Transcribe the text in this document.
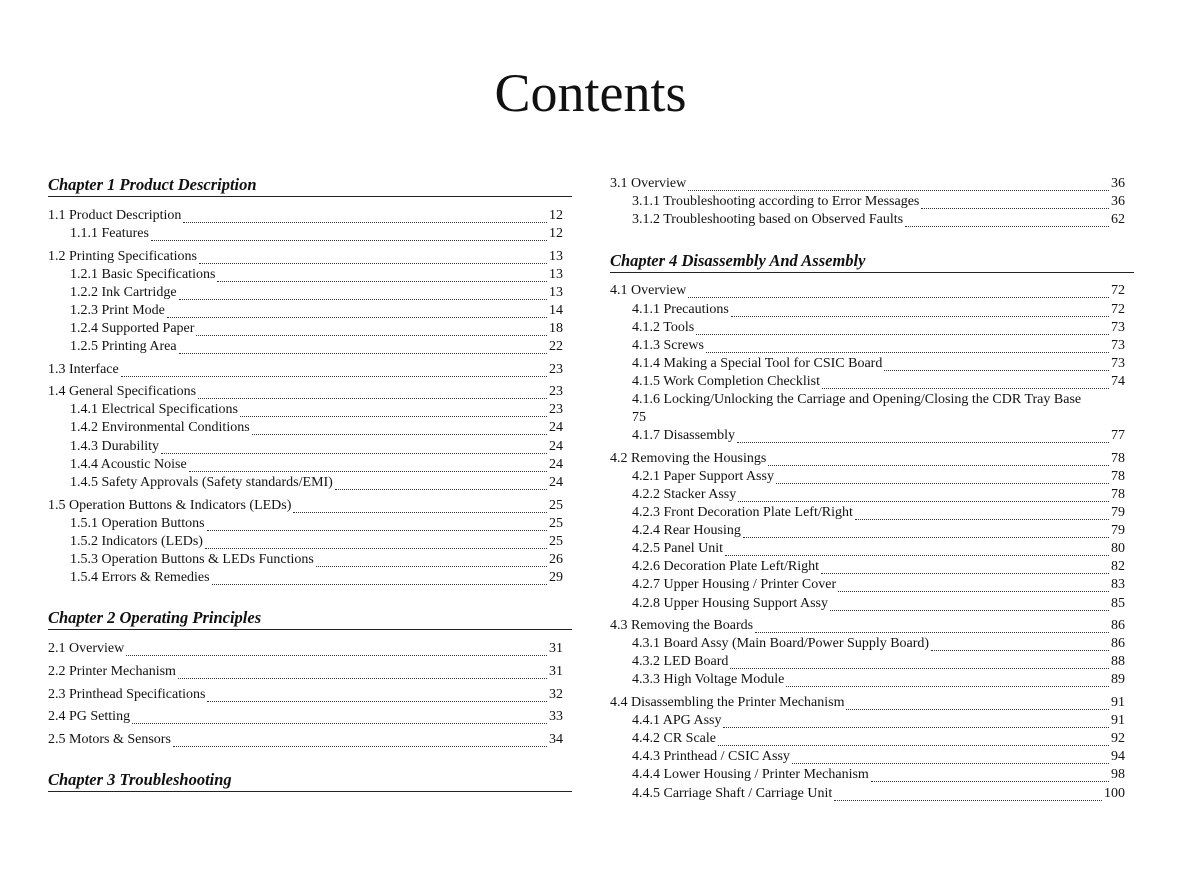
Contents
Chapter 1 Product Description
1.1 Product Description	12
1.1.1 Features	12
1.2 Printing Specifications	13
1.2.1 Basic Specifications	13
1.2.2 Ink Cartridge	13
1.2.3 Print Mode	14
1.2.4 Supported Paper	18
1.2.5 Printing Area	22
1.3 Interface	23
1.4 General Specifications	23
1.4.1 Electrical Specifications	23
1.4.2 Environmental Conditions	24
1.4.3 Durability	24
1.4.4 Acoustic Noise	24
1.4.5 Safety Approvals (Safety standards/EMI)	24
1.5 Operation Buttons & Indicators (LEDs)	25
1.5.1 Operation Buttons	25
1.5.2 Indicators (LEDs)	25
1.5.3 Operation Buttons & LEDs Functions	26
1.5.4 Errors & Remedies	29
Chapter 2 Operating Principles
2.1 Overview	31
2.2 Printer Mechanism	31
2.3 Printhead Specifications	32
2.4 PG Setting	33
2.5 Motors & Sensors	34
Chapter 3 Troubleshooting
3.1 Overview	36
3.1.1 Troubleshooting according to Error Messages	36
3.1.2 Troubleshooting based on Observed Faults	62
Chapter 4 Disassembly And Assembly
4.1 Overview	72
4.1.1 Precautions	72
4.1.2 Tools	73
4.1.3 Screws	73
4.1.4 Making a Special Tool for CSIC Board	73
4.1.5 Work Completion Checklist	74
4.1.6 Locking/Unlocking the Carriage and Opening/Closing the CDR Tray Base
75
4.1.7 Disassembly	77
4.2 Removing the Housings	78
4.2.1 Paper Support Assy	78
4.2.2 Stacker Assy	78
4.2.3 Front Decoration Plate Left/Right	79
4.2.4 Rear Housing	79
4.2.5 Panel Unit	80
4.2.6 Decoration Plate Left/Right	82
4.2.7 Upper Housing / Printer Cover	83
4.2.8 Upper Housing Support Assy	85
4.3 Removing the Boards	86
4.3.1 Board Assy (Main Board/Power Supply Board)	86
4.3.2 LED Board	88
4.3.3 High Voltage Module	89
4.4 Disassembling the Printer Mechanism	91
4.4.1 APG Assy	91
4.4.2 CR Scale	92
4.4.3 Printhead / CSIC Assy	94
4.4.4 Lower Housing / Printer Mechanism	98
4.4.5 Carriage Shaft / Carriage Unit	100
